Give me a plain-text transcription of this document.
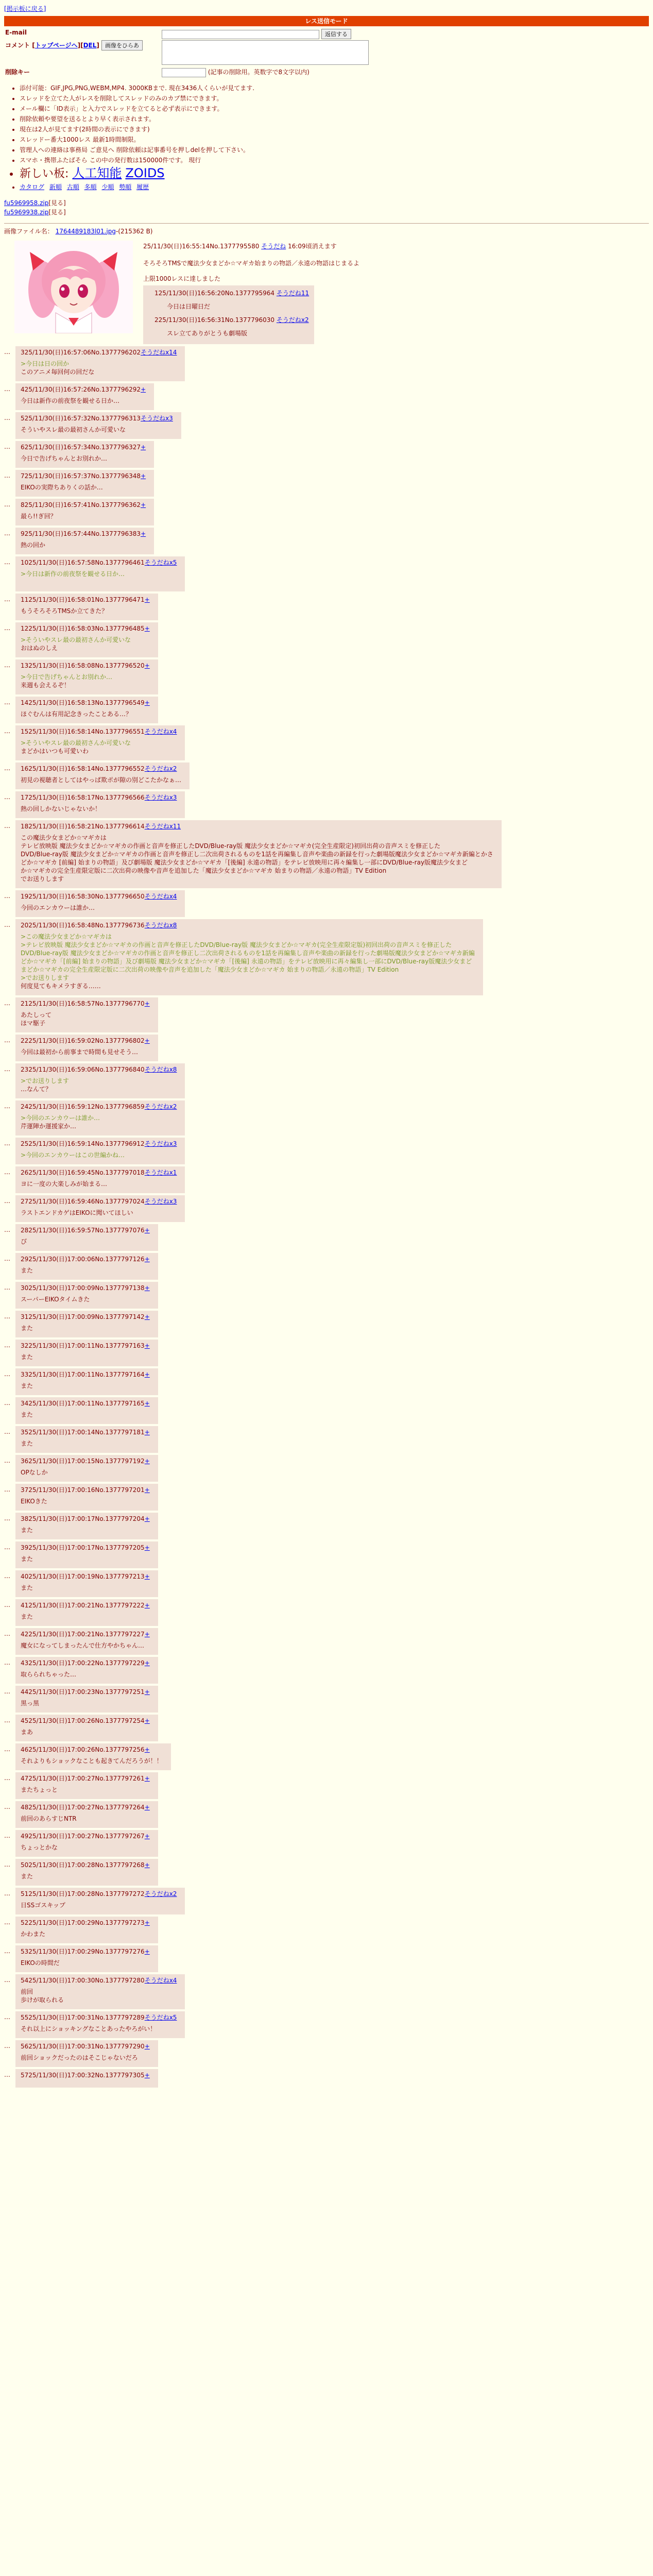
[掲示板に戻る]
レス送信モード
E-mail	返信する
コメント [トップページへ][DEL] 画像をひらあ	
削除キー	(記事の削除用。英数字で8文字以内)
• 添付可能：GIF,JPG,PNG,WEBM,MP4. 3000KBまで. 現在3436人くらいが見てます.
• スレッドを立てた人がレスを削除してスレッドのみのカブ禁にできます。
• メール欄に「ID表示」と入力でスレッドを立てると必ず表示にできます。
• 削除依頼や要望を送るとより早く表示されます。
• 現在は2人が見てます(2時間の表示にできます)
• スレッドー番大1000レス 最新1時間制限。
• 管理人への連絡は事務局 ご意見へ 削除依頼は記事番号を押しdelを押して下さい。
• スマホ・携帯ふたばそら この中の発行数は150000件です。 現行
• 新しい板: 人工知能 ZOIDS
• カタログ 新順 古順 多順 少順 勢順 履歴
fu5969958.zip[見る]
fu5969938.zip[見る]
画像ファイル名： 1764489183l01.jpg-(215362 B)
25/11/30(日)16:55:14No.1377795580 そうだね 16:09頃消えます
そろそろTMSで魔法少女まどか☆マギカ始まりの物語／永遠の物語はじまるよ
上限1000レスに達しました
125/11/30(日)16:56:20No.1377795964 そうだね11
今日は日曜日だ
225/11/30(日)16:56:31No.1377796030 そうだねx2
スレ立てありがとうも劇場版
…	325/11/30(日)16:57:06No.1377796202そうだねx14
>今日は日の回か
このアニメ毎回何の回だな
…	425/11/30(日)16:57:26No.1377796292+
今日は新作の前夜祭を観せる日か…
…	525/11/30(日)16:57:32No.1377796313そうだねx3
そういやスレ最の最初さんか可愛いな
…	625/11/30(日)16:57:34No.1377796327+
今日で告げちゃんとお別れか…
…	725/11/30(日)16:57:37No.1377796348+
EIKOの実際ちありくの話か…
…	825/11/30(日)16:57:41No.1377796362+
最ら!!ぎ回？
…	925/11/30(日)16:57:44No.1377796383+
熱の回か
…	1025/11/30(日)16:57:58No.1377796461そうだねx5
>今日は新作の前夜祭を観せる日か…
…	1125/11/30(日)16:58:01No.1377796471+
もうそろそろTMSか立てきた？
…	1225/11/30(日)16:58:03No.1377796485+
>そういやスレ最の最初さんか可愛いな
おはぬのしえ
…	1325/11/30(日)16:58:08No.1377796520+
>今日で告げちゃんとお別れか…
来週も会えるぞ！
…	1425/11/30(日)16:58:13No.1377796549+
ほぐむんは有用記念きったことある…？
…	1525/11/30(日)16:58:14No.1377796551そうだねx4
>そういやスレ最の最初さんか可愛いな
まどかはいつも可愛いわ
…	1625/11/30(日)16:58:14No.1377796552そうだねx2
初見の視聴者としてはやっぱ欺ポが隙の別どこたかなぁ…
…	1725/11/30(日)16:58:17No.1377796566そうだねx3
熱の回しかないじゃないか！
…	1825/11/30(日)16:58:21No.1377796614そうだねx11
この魔法少女まどか☆マギカは
テレビ放映版 魔法少女まどか☆マギカの作画と音声を修正したDVD/Blue-ray版 魔法少女まどか☆マギカ(完全生産限定)初回出荷の音声スミを修正した
DVD/Blue-ray版 魔法少女まどか☆マギカの作画と音声を修正し二次出荷されるものを1話を再編集し音声や楽曲の新録を行った劇場版魔法少女まどか☆マギカ新編とかさ
どか☆マギカ [前編] 始まりの物語」及び劇場版 魔法少女まどか☆マギカ「[後編] 永遠の物語」をテレビ放映用に再々編集し一部にDVD/Blue-ray版魔法少女まど
か☆マギカの完全生産限定版に二次出荷の映像や音声を追加した「魔法少女まどか☆マギカ 始まりの物語／永遠の物語」TV Edition
でお送りします
…	1925/11/30(日)16:58:30No.1377796650そうだねx4
今回のエンカウーは誰か…
…	2025/11/30(日)16:58:48No.1377796736そうだねx8
>この魔法少女まどか☆マギカは
>テレビ放映版 魔法少女まどか☆マギカの作画と音声を修正したDVD/Blue-ray版 魔法少女まどか☆マギカ(完全生産限定版)初回出荷の音声スミを修正した
DVD/Blue-ray版 魔法少女まどか☆マギカの作画と音声を修正し二次出荷されるものを1話を再編集し音声や楽曲の新録を行った劇場版魔法少女まどか☆マギカ新編
どか☆マギカ「[前編] 始まりの物語」及び劇場版 魔法少女まどか☆マギカ「[後編] 永遠の物語」をテレビ放映用に再々編集し一部にDVD/Blue-ray版魔法少女まど
まどか☆マギカの完全生産限定版に二次出荷の映像や音声を追加した「魔法少女まどか☆マギカ 始まりの物語／永遠の物語」TV Edition
>でお送りします
何度見てもキメラすぎる……
…	2125/11/30(日)16:58:57No.1377796770+
あたしって
ほマ駆子
…	2225/11/30(日)16:59:02No.1377796802+
今回は最初から前事まで時間も見せそう…
…	2325/11/30(日)16:59:06No.1377796840そうだねx8
>でお送りします
…なんて？
…	2425/11/30(日)16:59:12No.1377796859そうだねx2
>今回のエンカウーは誰か…
芹運陣か運援家か…
…	2525/11/30(日)16:59:14No.1377796912そうだねx3
>今回のエンカウーはこの世編かね…
…	2625/11/30(日)16:59:45No.1377797018そうだねx1
ヨに一度の大楽しみが始まる…
…	2725/11/30(日)16:59:46No.1377797024そうだねx3
ラストエンドカゲはEIKOに聞いてほしい
…	2825/11/30(日)16:59:57No.1377797076+
ぴ
…	2925/11/30(日)17:00:06No.1377797126+
また
…	3025/11/30(日)17:00:09No.1377797138+
スーパーEIKOタイムきた
…	3125/11/30(日)17:00:09No.1377797142+
また
…	3225/11/30(日)17:00:11No.1377797163+
また
…	3325/11/30(日)17:00:11No.1377797164+
また
…	3425/11/30(日)17:00:11No.1377797165+
また
…	3525/11/30(日)17:00:14No.1377797181+
また
…	3625/11/30(日)17:00:15No.1377797192+
OPなしか
…	3725/11/30(日)17:00:16No.1377797201+
EIKOきた
…	3825/11/30(日)17:00:17No.1377797204+
また
…	3925/11/30(日)17:00:17No.1377797205+
また
…	4025/11/30(日)17:00:19No.1377797213+
また
…	4125/11/30(日)17:00:21No.1377797222+
また
…	4225/11/30(日)17:00:21No.1377797227+
魔女になってしまったんで仕方やかちゃん…
…	4325/11/30(日)17:00:22No.1377797229+
取らられちゃった…
…	4425/11/30(日)17:00:23No.1377797251+
黒っ黒
…	4525/11/30(日)17:00:26No.1377797254+
まあ
…	4625/11/30(日)17:00:26No.1377797256+
それよりもショックなことも起きてんだろうが！！
…	4725/11/30(日)17:00:27No.1377797261+
またちょっと
…	4825/11/30(日)17:00:27No.1377797264+
前回のあらすじNTR
…	4925/11/30(日)17:00:27No.1377797267+
ちょっとかな
…	5025/11/30(日)17:00:28No.1377797268+
また
…	5125/11/30(日)17:00:28No.1377797272そうだねx2
日SSゴスキップ
…	5225/11/30(日)17:00:29No.1377797273+
かわまた
…	5325/11/30(日)17:00:29No.1377797276+
EIKOの時間だ
…	5425/11/30(日)17:00:30No.1377797280そうだねx4
前回
歩けが取られる
…	5525/11/30(日)17:00:31No.1377797289そうだねx5
それ以上にショッキングなことあったやろがい！
…	5625/11/30(日)17:00:31No.1377797290+
前回ショックだったのはそこじゃないだろ
…	5725/11/30(日)17:00:32No.1377797305+
